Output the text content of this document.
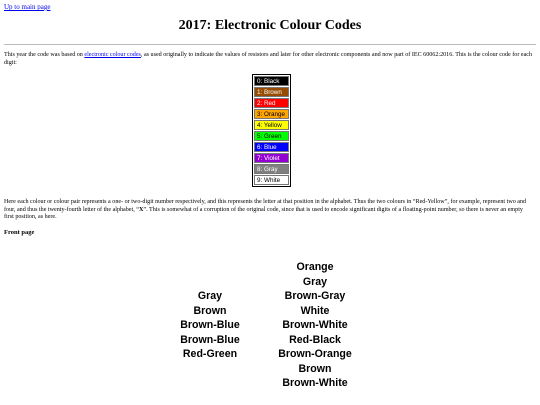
Up to main page
2017: Electronic Colour Codes

This year the code was based on electronic colour codes, as used originally to indicate the values of resistors and later for other electronic components and now part of IEC 60062:2016. This is the colour code for each digit:

0: Black
1: Brown
2: Red
3: Orange
4: Yellow
5: Green
6: Blue
7: Violet
8: Gray
9: White

Here each colour or colour pair represents a one- or two-digit number respectively, and this represents the letter at that position in the alphabet. Thus the two colours in “Red-Yellow”, for example, represent two and four, and thus the twenty-fourth letter of the alphabet, “X”. This is somewhat of a corruption of the original code, since that is used to encode significant digits of a floating-point number, so there is never an empty first position, as here.

Front page
Gray
Brown
Brown-Blue
Brown-Blue
Red-Green
Orange
Gray
Brown-Gray
White
Brown-White
Red-Black
Brown-Orange
Brown
Brown-White
